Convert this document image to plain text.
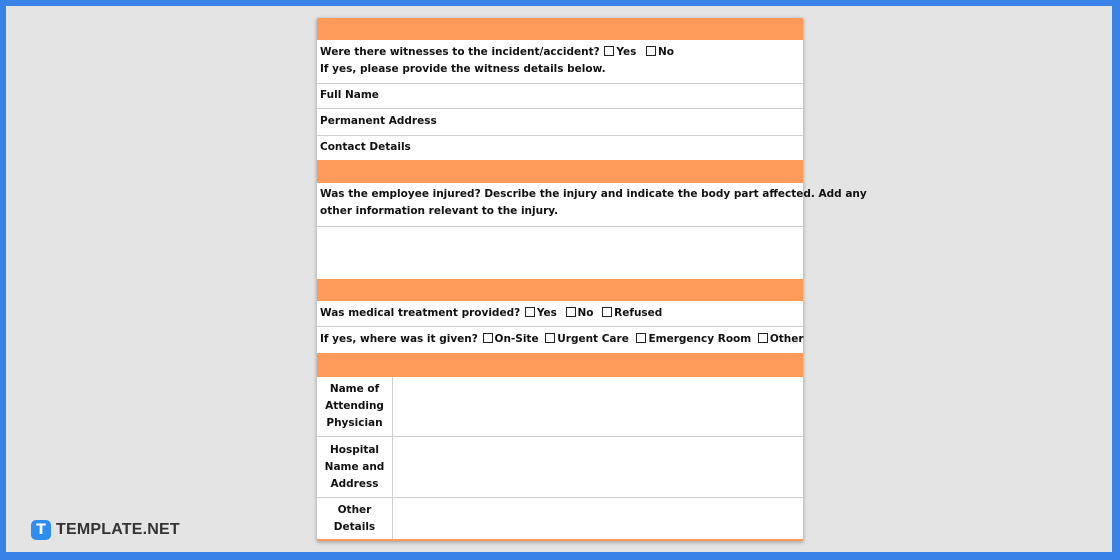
Were there witnesses to the incident/accident? Yes No
If yes, please provide the witness details below.
Full Name
Permanent Address
Contact Details
Was the employee injured? Describe the injury and indicate the body part affected. Add any
other information relevant to the injury.
Was medical treatment provided? Yes No Refused
If yes, where was it given? On-Site Urgent Care Emergency Room Other
Name of
Attending
Physician
Hospital
Name and
Address
Other
Details
T TEMPLATE.NET
